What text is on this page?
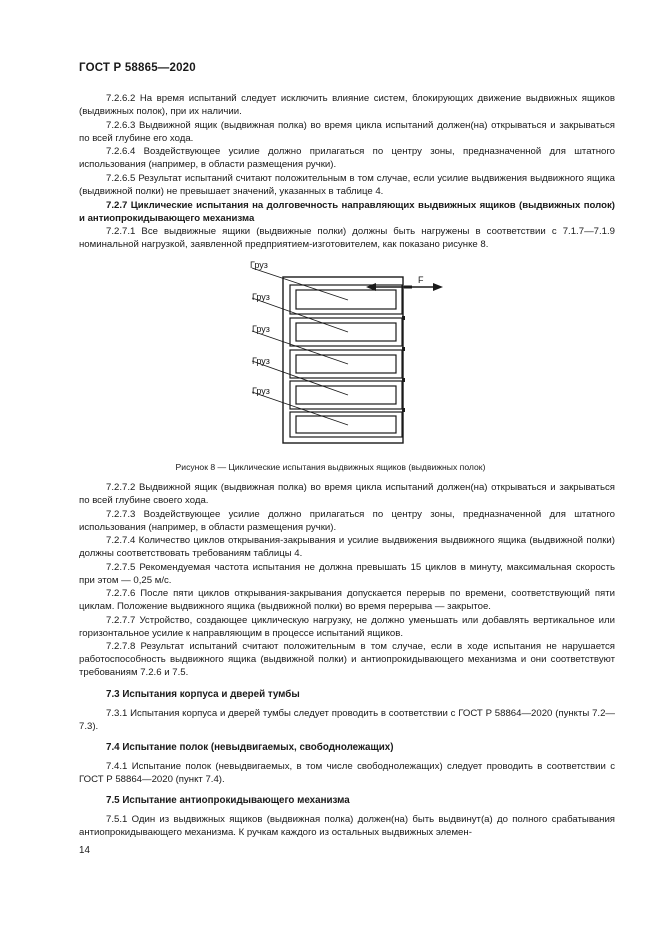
ГОСТ Р 58865—2020

7.2.6.2 На время испытаний следует исключить влияние систем, блокирующих движение выдвижных ящиков (выдвижных полок), при их наличии.

7.2.6.3 Выдвижной ящик (выдвижная полка) во время цикла испытаний должен(на) открываться и закрываться по всей глубине его хода.

7.2.6.4 Воздействующее усилие должно прилагаться по центру зоны, предназначенной для штатного использования (например, в области размещения ручки).

7.2.6.5 Результат испытаний считают положительным в том случае, если усилие выдвижения выдвижного ящика (выдвижной полки) не превышает значений, указанных в таблице 4.

7.2.7 Циклические испытания на долговечность направляющих выдвижных ящиков (выдвижных полок) и антиопрокидывающего механизма

7.2.7.1 Все выдвижные ящики (выдвижные полки) должны быть нагружены в соответствии с 7.1.7—7.1.9 номинальной нагрузкой, заявленной предприятием-изготовителем, как показано рисунке 8.

Груз
Груз
Груз
Груз
Груз
F
Рисунок 8 — Циклические испытания выдвижных ящиков (выдвижных полок)

7.2.7.2 Выдвижной ящик (выдвижная полка) во время цикла испытаний должен(на) открываться и закрываться по всей глубине своего хода.

7.2.7.3 Воздействующее усилие должно прилагаться по центру зоны, предназначенной для штатного использования (например, в области размещения ручки).

7.2.7.4 Количество циклов открывания-закрывания и усилие выдвижения выдвижного ящика (выдвижной полки) должны соответствовать требованиям таблицы 4.

7.2.7.5 Рекомендуемая частота испытания не должна превышать 15 циклов в минуту, максимальная скорость при этом — 0,25 м/с.

7.2.7.6 После пяти циклов открывания-закрывания допускается перерыв по времени, соответствующий пяти циклам. Положение выдвижного ящика (выдвижной полки) во время перерыва — закрытое.

7.2.7.7 Устройство, создающее циклическую нагрузку, не должно уменьшать или добавлять вертикальное или горизонтальное усилие к направляющим в процессе испытаний ящиков.

7.2.7.8 Результат испытаний считают положительным в том случае, если в ходе испытания не нарушается работоспособность выдвижного ящика (выдвижной полки) и антиопрокидывающего механизма и они соответствуют требованиям 7.2.6 и 7.5.

7.3 Испытания корпуса и дверей тумбы

7.3.1 Испытания корпуса и дверей тумбы следует проводить в соответствии с ГОСТ Р 58864—2020 (пункты 7.2—7.3).

7.4 Испытание полок (невыдвигаемых, свободнолежащих)

7.4.1 Испытание полок (невыдвигаемых, в том числе свободнолежащих) следует проводить в соответствии с ГОСТ Р 58864—2020 (пункт 7.4).

7.5 Испытание антиопрокидывающего механизма

7.5.1 Один из выдвижных ящиков (выдвижная полка) должен(на) быть выдвинут(а) до полного срабатывания антиопрокидывающего механизма. К ручкам каждого из остальных выдвижных элемен-

14
